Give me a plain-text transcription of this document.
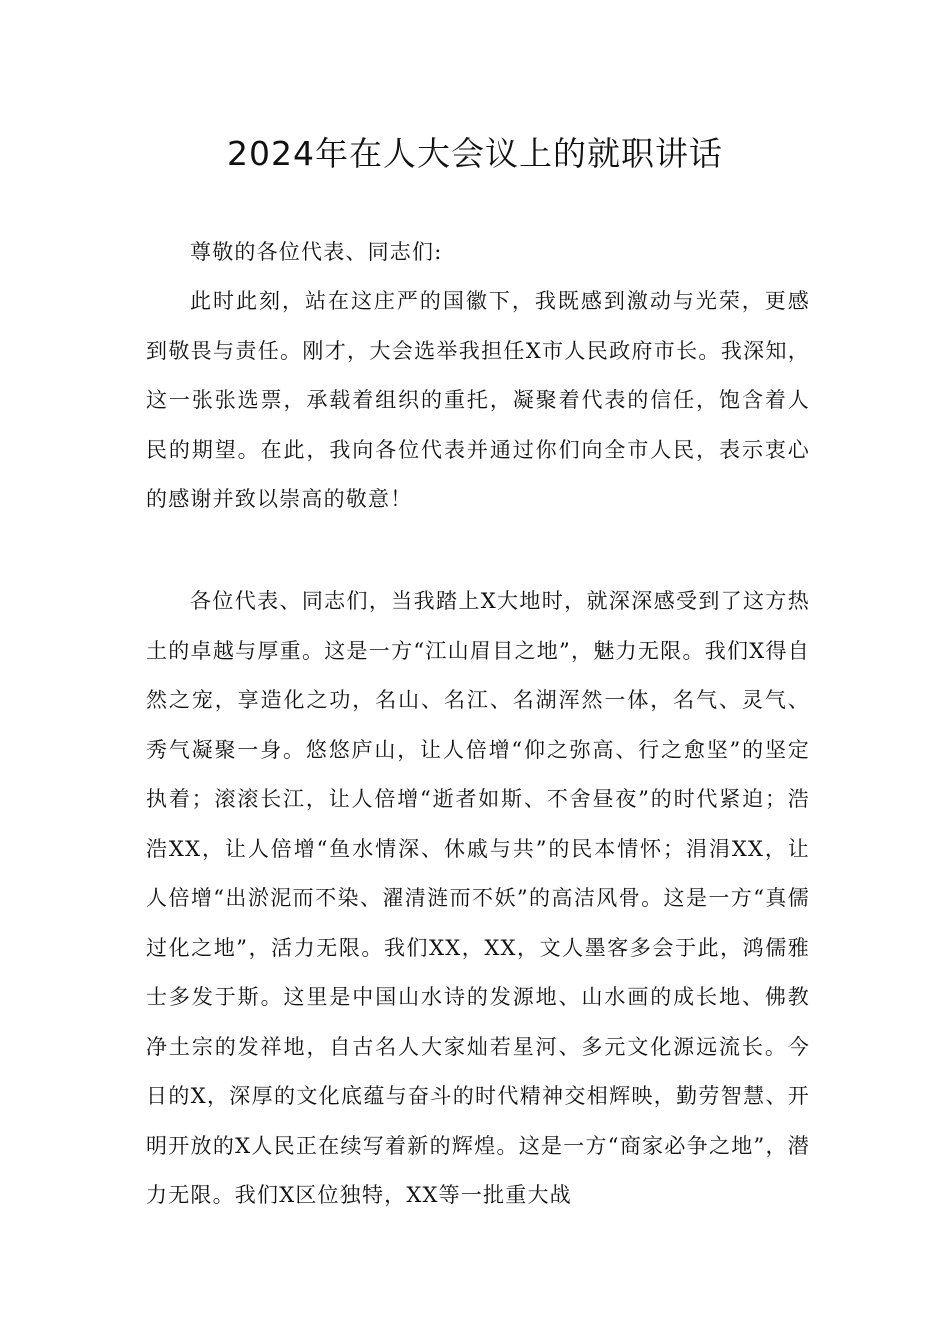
2024年在人大会议上的就职讲话
尊敬的各位代表、同志们:

此时此刻，站在这庄严的国徽下，我既感到激动与光荣，更感到敬畏与责任。刚才，大会选举我担任X市人民政府市长。我深知，这一张张选票，承载着组织的重托，凝聚着代表的信任，饱含着人民的期望。在此，我向各位代表并通过你们向全市人民，表示衷心的感谢并致以崇高的敬意！

各位代表、同志们，当我踏上X大地时，就深深感受到了这方热土的卓越与厚重。这是一方“江山眉目之地”，魅力无限。我们X得自然之宠，享造化之功，名山、名江、名湖浑然一体，名气、灵气、秀气凝聚一身。悠悠庐山，让人倍增“仰之弥高、行之愈坚”的坚定执着；滚滚长江，让人倍增“逝者如斯、不舍昼夜”的时代紧迫；浩浩XX，让人倍增“鱼水情深、休戚与共”的民本情怀；涓涓XX，让人倍增“出淤泥而不染、濯清涟而不妖”的高洁风骨。这是一方“真儒过化之地”，活力无限。我们XX，XX，文人墨客多会于此，鸿儒雅士多发于斯。这里是中国山水诗的发源地、山水画的成长地、佛教净土宗的发祥地，自古名人大家灿若星河、多元文化源远流长。今日的X，深厚的文化底蕴与奋斗的时代精神交相辉映，勤劳智慧、开明开放的X人民正在续写着新的辉煌。这是一方“商家必争之地”，潜力无限。我们X区位独特，XX等一批重大战
